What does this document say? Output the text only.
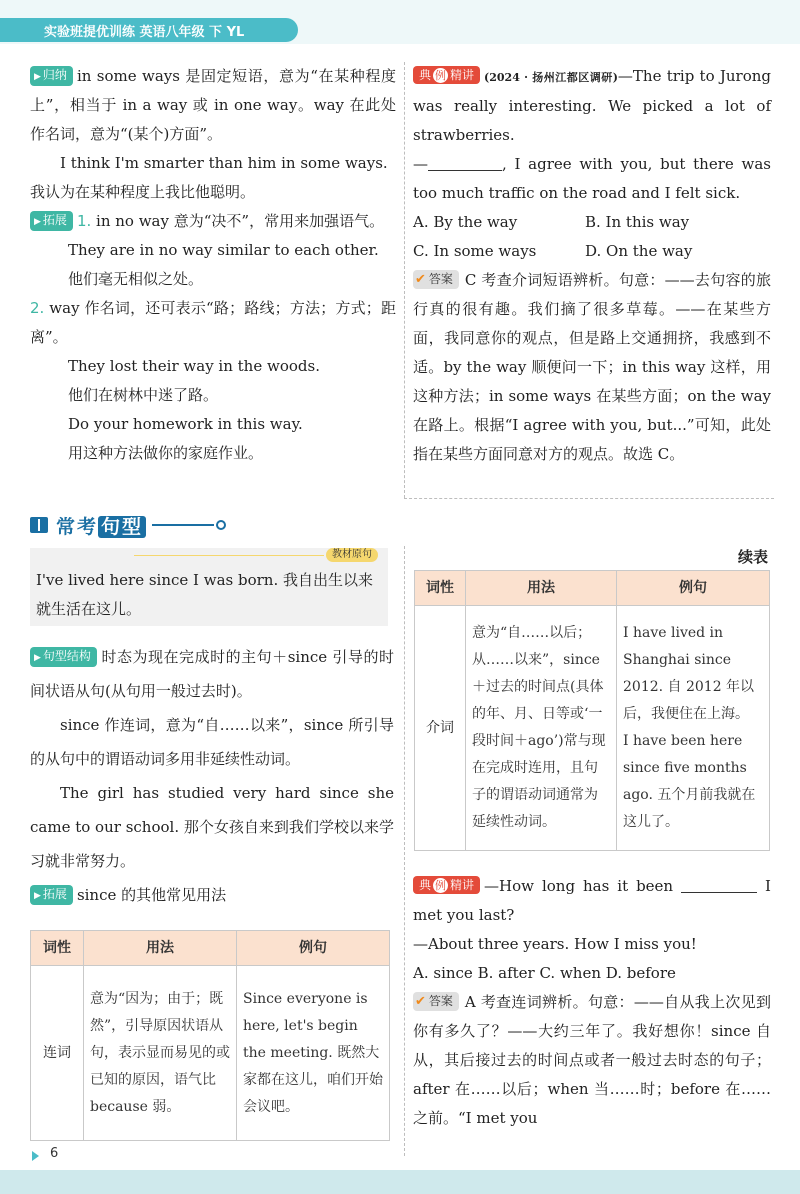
实验班提优训练 英语八年级 下 YL

▶ 归纳 in some ways 是固定短语，意为“在某种程度上”，相当于 in a way 或 in one way。way 在此处作名词，意为“(某个)方面”。

I think I'm smarter than him in some ways.

我认为在某种程度上我比他聪明。

▶ 拓展 1. in no way 意为“决不”，常用来加强语气。

They are in no way similar to each other.

他们毫无相似之处。

2. way 作名词，还可表示“路；路线；方法；方式；距离”。

They lost their way in the woods.

他们在树林中迷了路。

Do your homework in this way.

用这种方法做你的家庭作业。

典 例 精讲 (2024 · 扬州江都区调研)—The trip to Jurong was really interesting. We picked a lot of strawberries.

—	, I agree with you, but there was too much traffic on the road and I felt sick.

A. By the way	B. In this way
C. In some ways	D. On the way

✔ 答案 C 考查介词短语辨析。句意：——去句容的旅行真的很有趣。我们摘了很多草莓。——在某些方面，我同意你的观点，但是路上交通拥挤，我感到不适。by the way 顺便问一下；in this way 这样，用这种方法；in some ways 在某些方面；on the way 在路上。根据“I agree with you, but...”可知，此处指在某些方面同意对方的观点。故选 C。

常考 句型
教材原句
I've lived here since I was born. 我自出生以来就生活在这儿。

▶ 句型结构 时态为现在完成时的主句＋since 引导的时间状语从句(从句用一般过去时)。

since 作连词，意为“自……以来”，since 所引导的从句中的谓语动词多用非延续性动词。

The girl has studied very hard since she came to our school. 那个女孩自来到我们学校以来学习就非常努力。

▶ 拓展 since 的其他常见用法

词性	用法	例句
连词	意为“因为；由于；既然”，引导原因状语从句，表示显而易见的或已知的原因，语气比 because 弱。	Since everyone is here, let's begin the meeting. 既然大家都在这儿，咱们开始会议吧。
续表
词性	用法	例句
介词	意为“自……以后；从……以来”，since＋过去的时间点(具体的年、月、日等或‘一段时间＋ago’)常与现在完成时连用，且句子的谓语动词通常为延续性动词。	I have lived in Shanghai since 2012. 自 2012 年以后，我便住在上海。
I have been here since five months ago. 五个月前我就在这儿了。

典 例 精讲 —How long has it been	I met you last?

—About three years. How I miss you!

A. since B. after C. when D. before

✔ 答案 A 考查连词辨析。句意：——自从我上次见到你有多久了？——大约三年了。我好想你！since 自从，其后接过去的时间点或者一般过去时态的句子；after 在……以后；when 当……时；before 在……之前。“I met you

6
